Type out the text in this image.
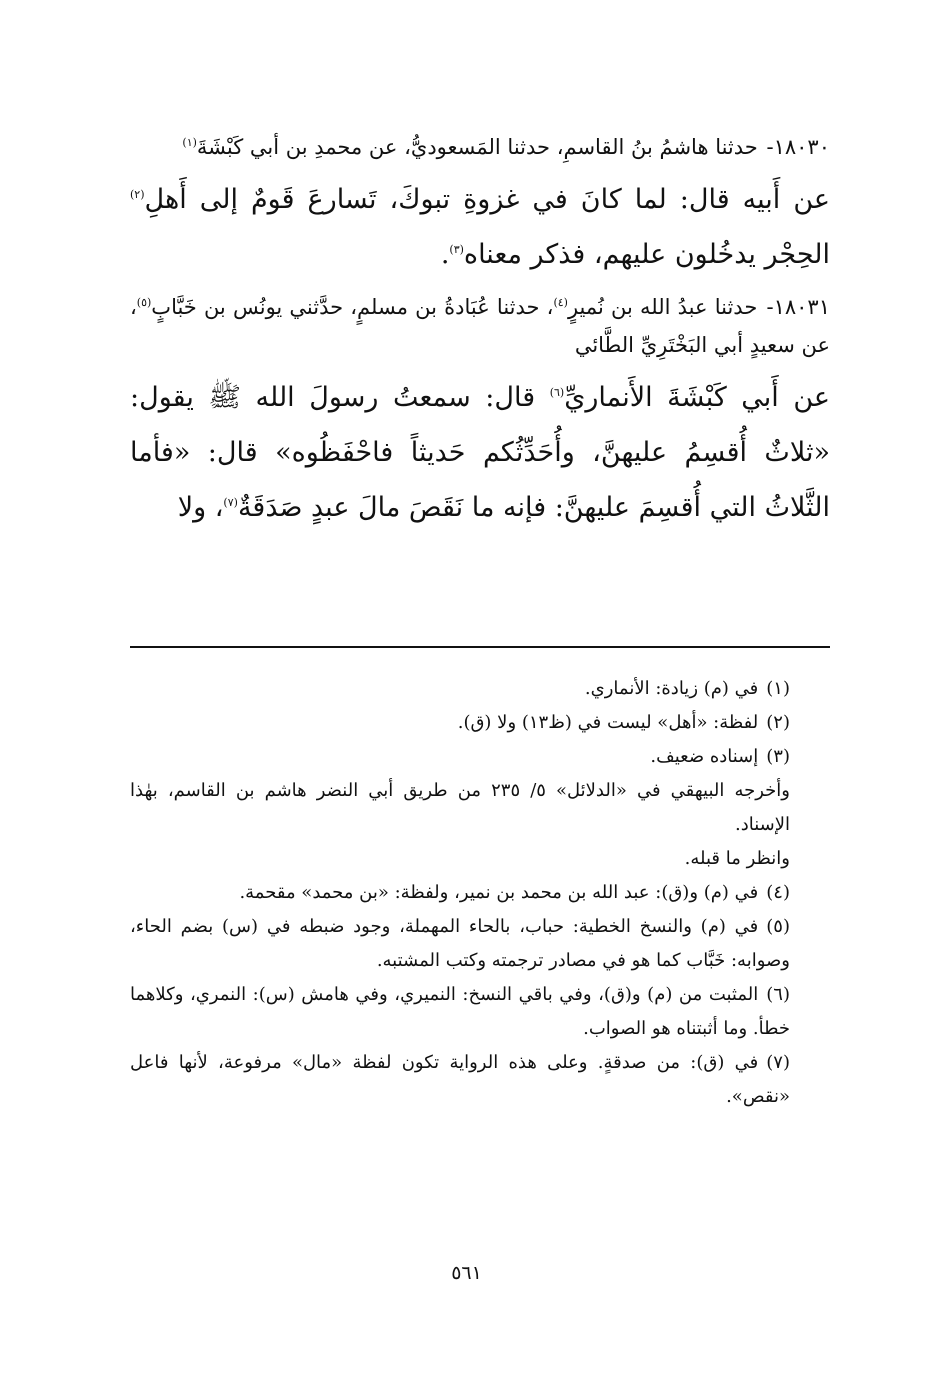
١٨٠٣٠- حدثنا هاشمُ بنُ القاسمِ، حدثنا المَسعوديُّ، عن محمدِ بن أبي كَبْشَةَ$^{(١)}$

عن أَبيه قال: لما كانَ في غزوةِ تبوكَ، تَسارعَ قَومٌ إلى أَهلِ$^{(٢)}$ الحِجْر يدخُلون عليهم، فذكر معناه$^{(٣)}$.

١٨٠٣١- حدثنا عبدُ الله بن نُميرٍ$^{(٤)}$، حدثنا عُبَادةُ بن مسلمٍ، حدَّثني يونُس بن خَبَّابٍ$^{(٥)}$، عن سعيدٍ أبي البَخْتَرِيِّ الطَّائي

عن أَبي كَبْشَةَ الأَنماريِّ$^{(٦)}$ قال: سمعتُ رسولَ الله ﷺ يقول: «ثلاثٌ أُقسِمُ عليهنَّ، وأُحَدِّثُكم حَديثاً فاحْفَظُوه» قال: «فأما الثَّلاثُ التي أُقسِمَ عليهنَّ: فإنه ما نَقَصَ مالَ عبدٍ صَدَقَةٌ$^{(٧)}$، ولا

(١)في (م) زيادة: الأنماري.

(٢)لفظة: «أهل» ليست في (ظ١٣) ولا (ق).

(٣)إسناده ضعيف.

وأخرجه البيهقي في «الدلائل» ٥/ ٢٣٥ من طريق أبي النضر هاشم بن القاسم، بهٰذا الإسناد.

وانظر ما قبله.

(٤)في (م) و(ق): عبد الله بن محمد بن نمير، ولفظة: «بن محمد» مقحمة.

(٥)في (م) والنسخ الخطية: حباب، بالحاء المهملة، وجود ضبطه في (س) بضم الحاء، وصوابه: خَبَّاب كما هو في مصادر ترجمته وكتب المشتبه.

(٦)المثبت من (م) و(ق)، وفي باقي النسخ: النميري، وفي هامش (س): النمري، وكلاهما خطأ. وما أثبتناه هو الصواب.

(٧)في (ق): من صدقةٍ. وعلى هذه الرواية تكون لفظة «مال» مرفوعة، لأنها فاعل «نقص».

٥٦١
